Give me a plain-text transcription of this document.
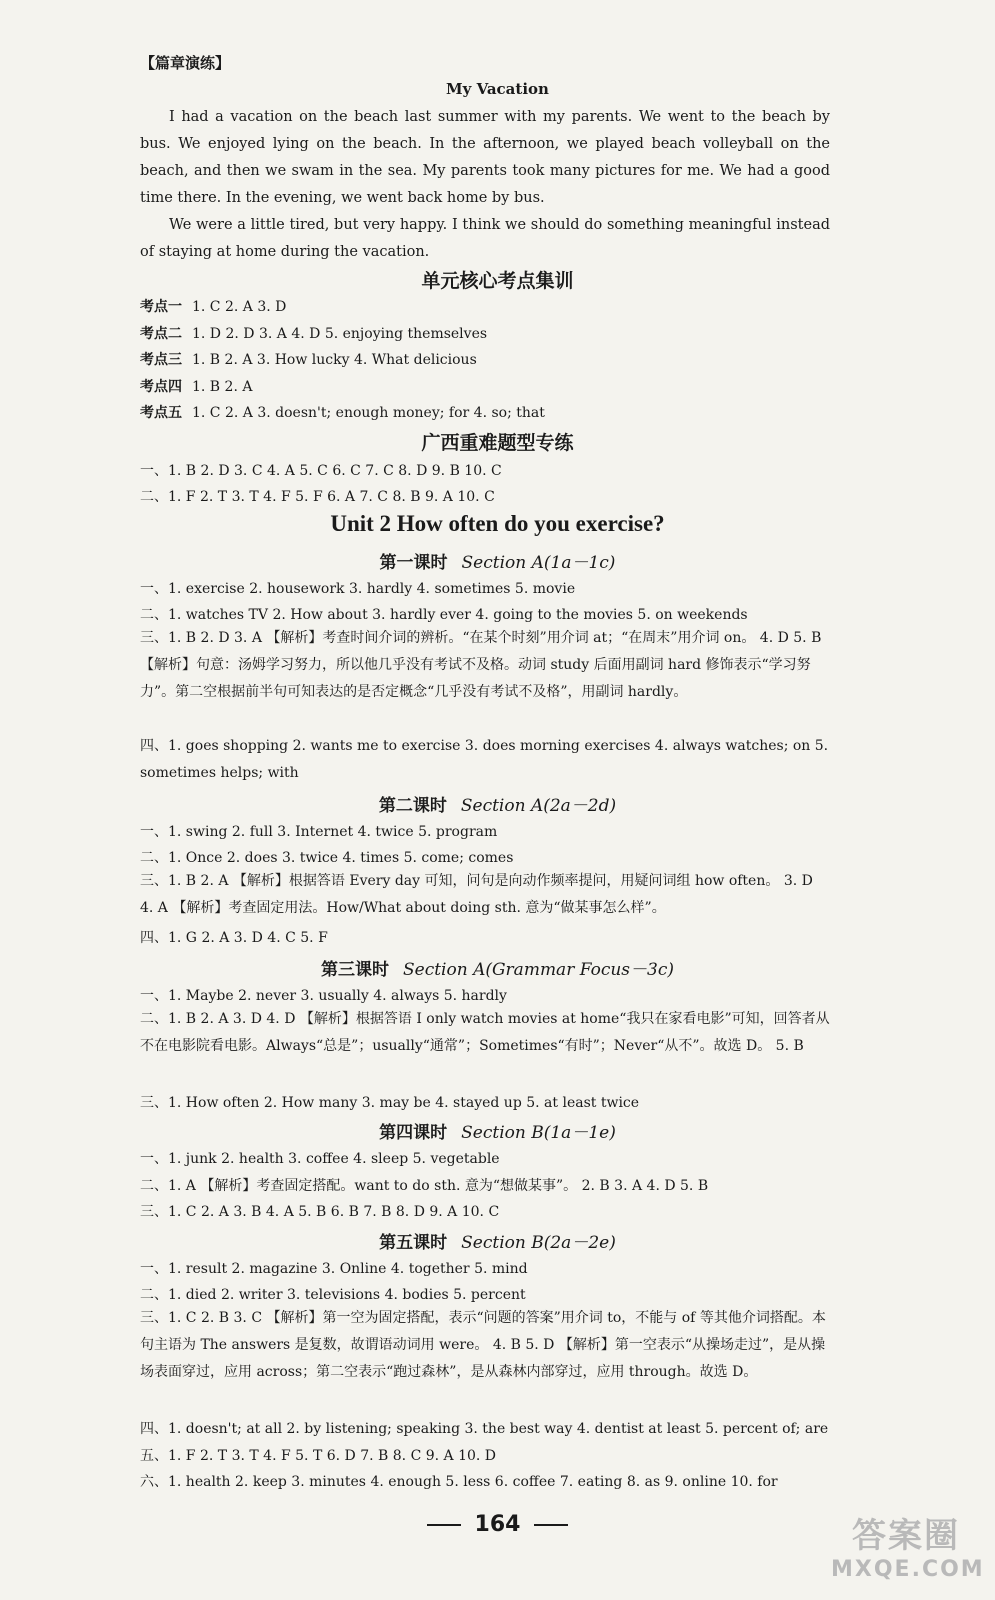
【篇章演练】
My Vacation

I had a vacation on the beach last summer with my parents. We went to the beach by bus. We enjoyed lying on the beach. In the afternoon, we played beach volleyball on the beach, and then we swam in the sea. My parents took many pictures for me. We had a good time there. In the evening, we went back home by bus.

We were a little tired, but very happy. I think we should do something meaningful instead of staying at home during the vacation.

单元核心考点集训
考点一 1. C 2. A 3. D
考点二 1. D 2. D 3. A 4. D 5. enjoying themselves
考点三 1. B 2. A 3. How lucky 4. What delicious
考点四 1. B 2. A
考点五 1. C 2. A 3. doesn't; enough money; for 4. so; that
广西重难题型专练
一、1. B 2. D 3. C 4. A 5. C 6. C 7. C 8. D 9. B 10. C
二、1. F 2. T 3. T 4. F 5. F 6. A 7. C 8. B 9. A 10. C
Unit 2 How often do you exercise?
第一课时 Section A(1a－1c)
一、1. exercise 2. housework 3. hardly 4. sometimes 5. movie
二、1. watches TV 2. How about 3. hardly ever 4. going to the movies 5. on weekends
三、1. B 2. D 3. A 【解析】考查时间介词的辨析。“在某个时刻”用介词 at；“在周末”用介词 on。 4. D 5. B 【解析】句意：汤姆学习努力，所以他几乎没有考试不及格。动词 study 后面用副词 hard 修饰表示“学习努力”。第二空根据前半句可知表达的是否定概念“几乎没有考试不及格”，用副词 hardly。
四、1. goes shopping 2. wants me to exercise 3. does morning exercises 4. always watches; on 5. sometimes helps; with
第二课时 Section A(2a－2d)
一、1. swing 2. full 3. Internet 4. twice 5. program
二、1. Once 2. does 3. twice 4. times 5. come; comes
三、1. B 2. A 【解析】根据答语 Every day 可知，问句是向动作频率提问，用疑问词组 how often。 3. D 4. A 【解析】考查固定用法。How/What about doing sth. 意为“做某事怎么样”。
四、1. G 2. A 3. D 4. C 5. F
第三课时 Section A(Grammar Focus－3c)
一、1. Maybe 2. never 3. usually 4. always 5. hardly
二、1. B 2. A 3. D 4. D 【解析】根据答语 I only watch movies at home“我只在家看电影”可知，回答者从不在电影院看电影。Always“总是”；usually“通常”；Sometimes“有时”；Never“从不”。故选 D。 5. B
三、1. How often 2. How many 3. may be 4. stayed up 5. at least twice
第四课时 Section B(1a－1e)
一、1. junk 2. health 3. coffee 4. sleep 5. vegetable
二、1. A 【解析】考查固定搭配。want to do sth. 意为“想做某事”。 2. B 3. A 4. D 5. B
三、1. C 2. A 3. B 4. A 5. B 6. B 7. B 8. D 9. A 10. C
第五课时 Section B(2a－2e)
一、1. result 2. magazine 3. Online 4. together 5. mind
二、1. died 2. writer 3. televisions 4. bodies 5. percent
三、1. C 2. B 3. C 【解析】第一空为固定搭配，表示“问题的答案”用介词 to，不能与 of 等其他介词搭配。本句主语为 The answers 是复数，故谓语动词用 were。 4. B 5. D 【解析】第一空表示“从操场走过”，是从操场表面穿过，应用 across；第二空表示“跑过森林”，是从森林内部穿过，应用 through。故选 D。
四、1. doesn't; at all 2. by listening; speaking 3. the best way 4. dentist at least 5. percent of; are
五、1. F 2. T 3. T 4. F 5. T 6. D 7. B 8. C 9. A 10. D
六、1. health 2. keep 3. minutes 4. enough 5. less 6. coffee 7. eating 8. as 9. online 10. for
164	答案圈
MXQE.COM
